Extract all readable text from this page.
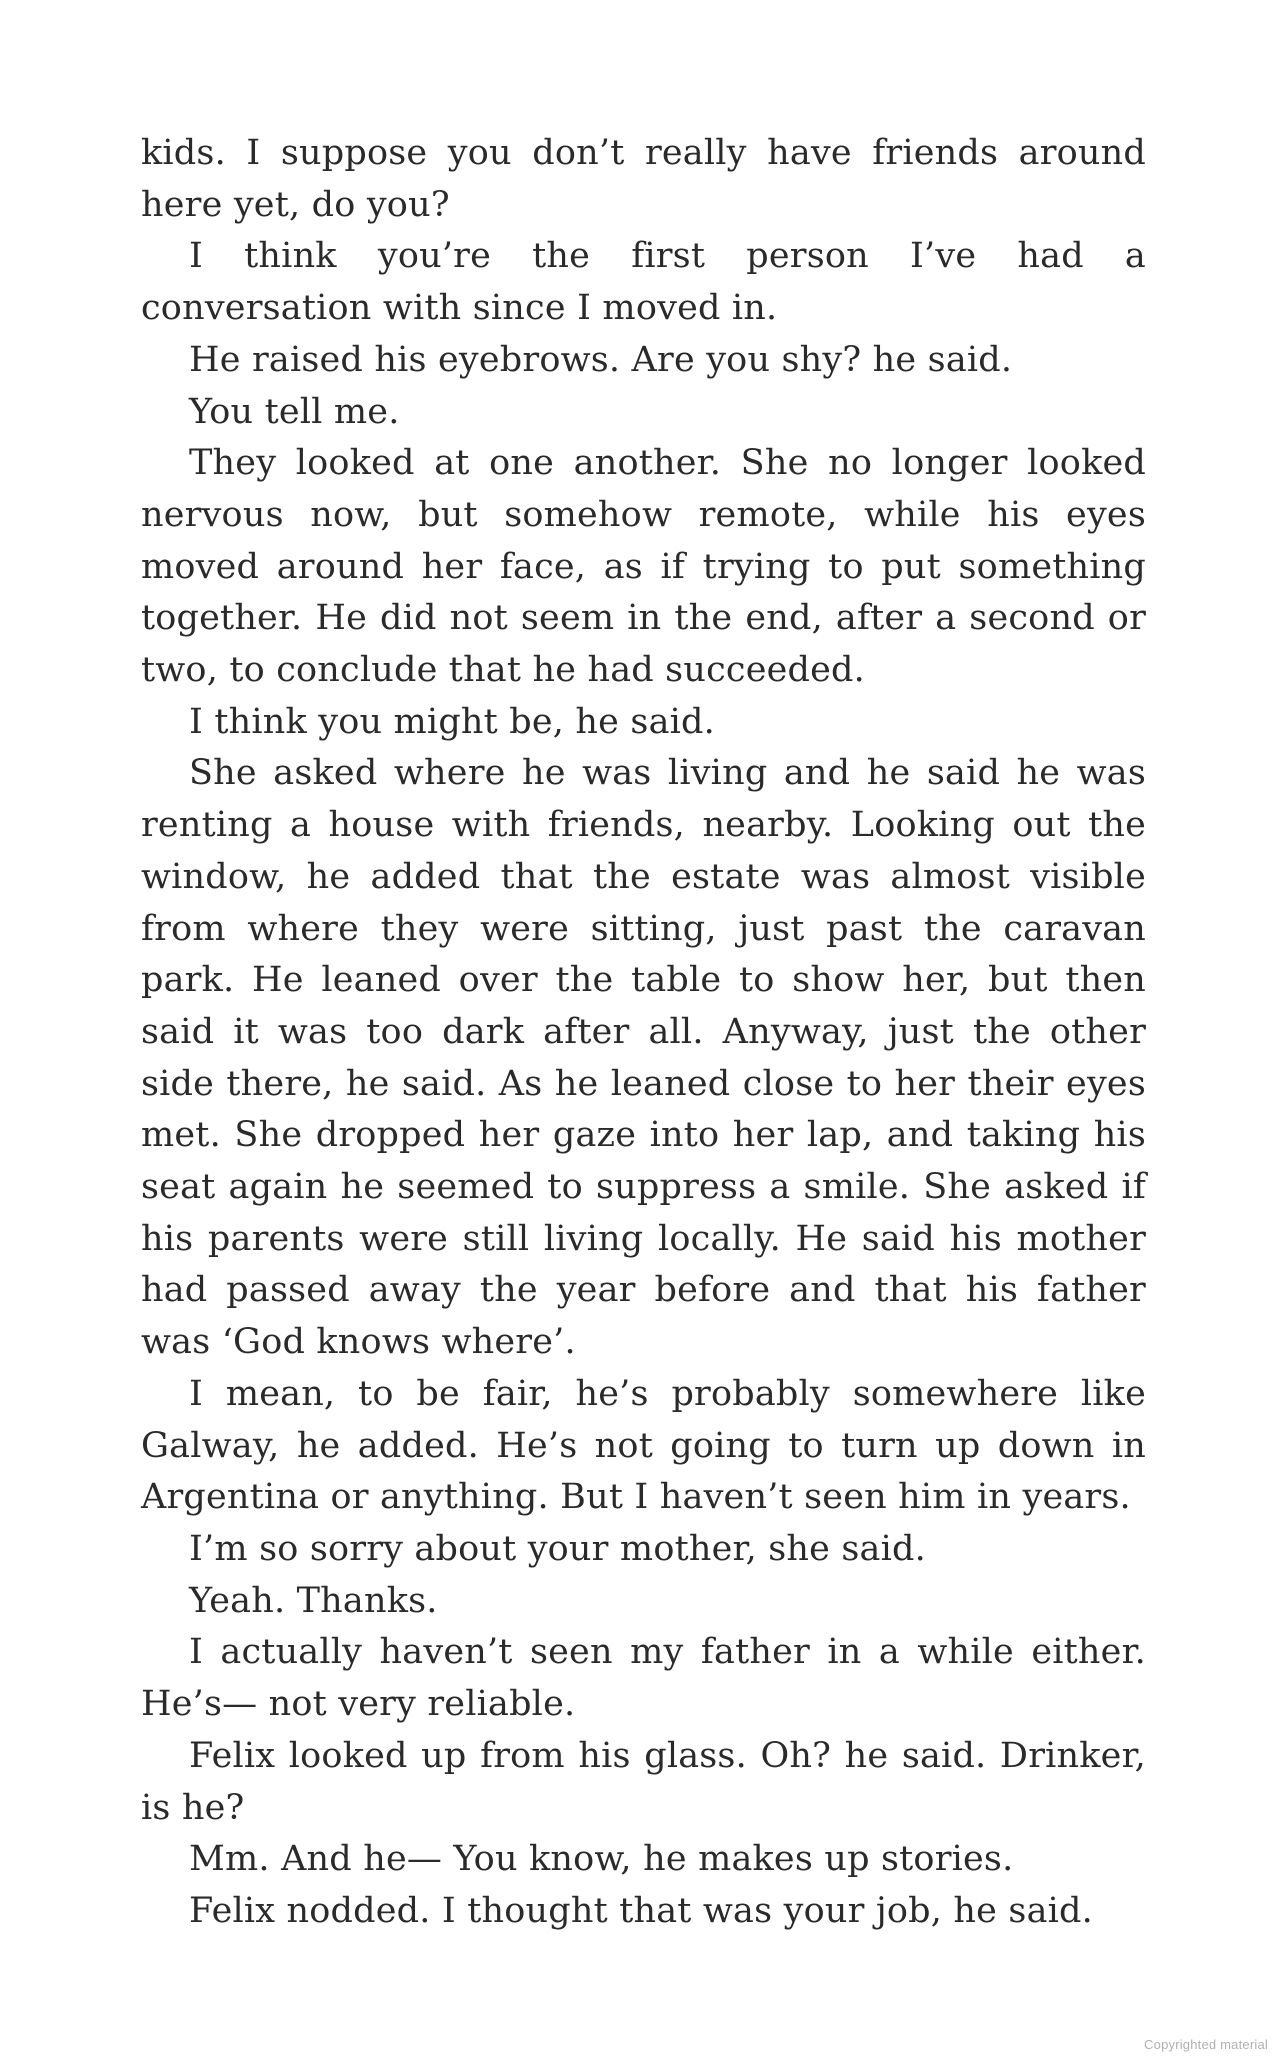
kids. I suppose you don’t really have friends around here yet, do you?

I think you’re the first person I’ve had a conversation with since I moved in.

He raised his eyebrows. Are you shy? he said.

You tell me.

They looked at one another. She no longer looked nervous now, but somehow remote, while his eyes moved around her face, as if trying to put something together. He did not seem in the end, after a second or two, to conclude that he had succeeded.

I think you might be, he said.

She asked where he was living and he said he was renting a house with friends, nearby. Looking out the window, he added that the estate was almost visible from where they were sitting, just past the caravan park. He leaned over the table to show her, but then said it was too dark after all. Anyway, just the other side there, he said. As he leaned close to her their eyes met. She dropped her gaze into her lap, and taking his seat again he seemed to suppress a smile. She asked if his parents were still living locally. He said his mother had passed away the year before and that his father was ‘God knows where’.

I mean, to be fair, he’s probably somewhere like Galway, he added. He’s not going to turn up down in Argentina or anything. But I haven’t seen him in years.

I’m so sorry about your mother, she said.

Yeah. Thanks.

I actually haven’t seen my father in a while either. He’s— not very reliable.

Felix looked up from his glass. Oh? he said. Drinker, is he?

Mm. And he— You know, he makes up stories.

Felix nodded. I thought that was your job, he said.

Copyrighted material
